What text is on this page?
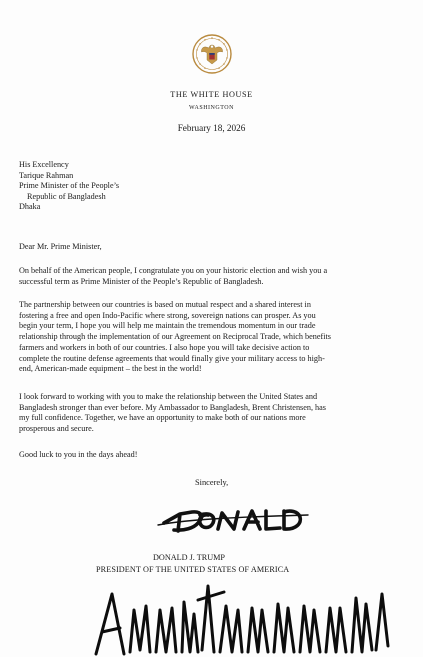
THE WHITE HOUSE
WASHINGTON
February 18, 2026
His Excellency
Tarique Rahman
Prime Minister of the People’s
Republic of Bangladesh
Dhaka
Dear Mr. Prime Minister,
On behalf of the American people, I congratulate you on your historic election and wish you a
successful term as Prime Minister of the People’s Republic of Bangladesh.
The partnership between our countries is based on mutual respect and a shared interest in
fostering a free and open Indo-Pacific where strong, sovereign nations can prosper. As you
begin your term, I hope you will help me maintain the tremendous momentum in our trade
relationship through the implementation of our Agreement on Reciprocal Trade, which benefits
farmers and workers in both of our countries. I also hope you will take decisive action to
complete the routine defense agreements that would finally give your military access to high-
end, American-made equipment – the best in the world!
I look forward to working with you to make the relationship between the United States and
Bangladesh stronger than ever before. My Ambassador to Bangladesh, Brent Christensen, has
my full confidence. Together, we have an opportunity to make both of our nations more
prosperous and secure.
Good luck to you in the days ahead!
Sincerely,
DONALD J. TRUMP
PRESIDENT OF THE UNITED STATES OF AMERICA
